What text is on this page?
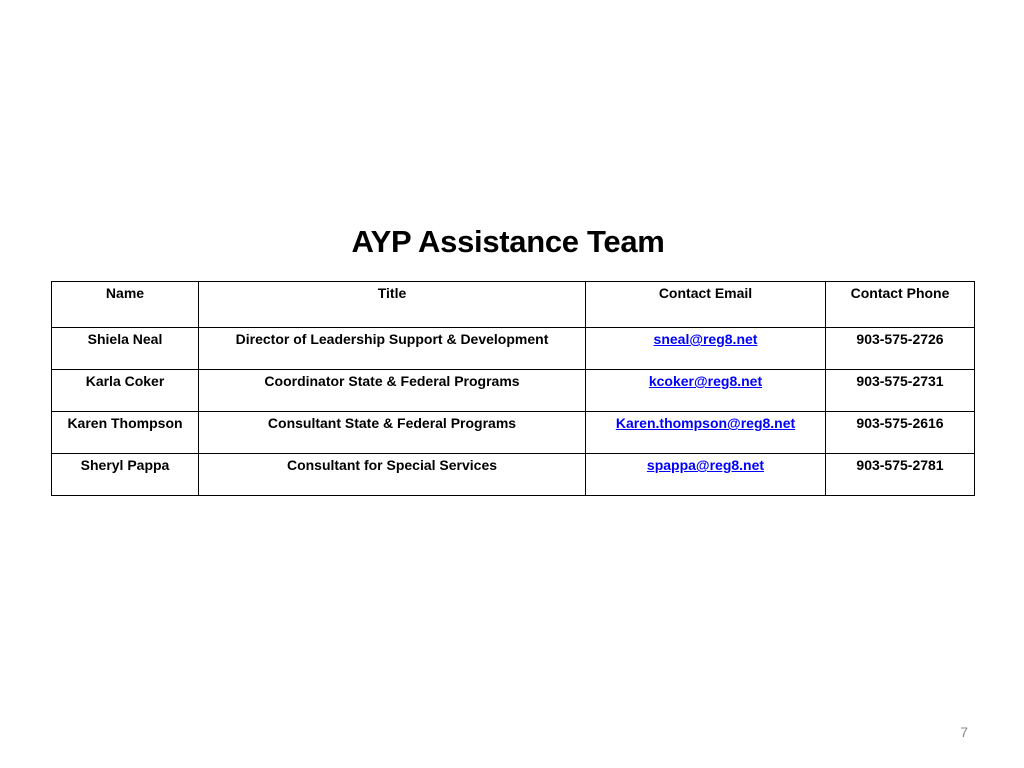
AYP Assistance Team
Name	Title	Contact Email	Contact Phone
Shiela Neal	Director of Leadership Support & Development	sneal@reg8.net	903-575-2726
Karla Coker	Coordinator State & Federal Programs	kcoker@reg8.net	903-575-2731
Karen Thompson	Consultant State & Federal Programs	Karen.thompson@reg8.net	903-575-2616
Sheryl Pappa	Consultant for Special Services	spappa@reg8.net	903-575-2781
7
